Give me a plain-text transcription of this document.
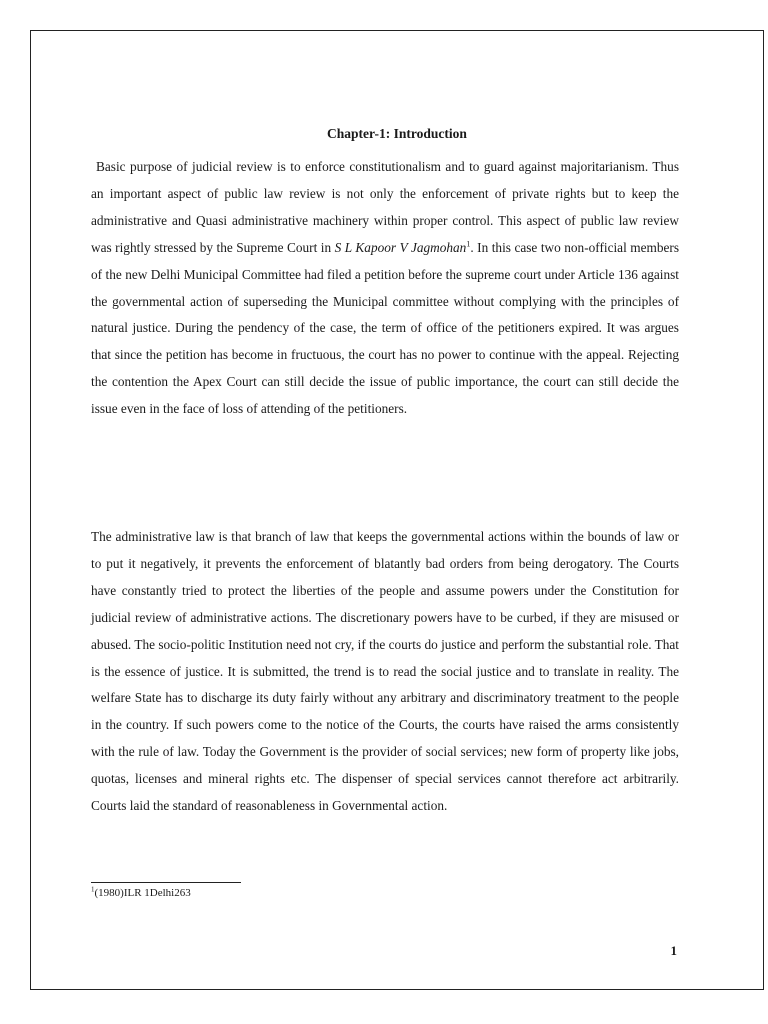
Chapter-1: Introduction

Basic purpose of judicial review is to enforce constitutionalism and to guard against majoritarianism. Thus an important aspect of public law review is not only the enforcement of private rights but to keep the administrative and Quasi administrative machinery within proper control. This aspect of public law review was rightly stressed by the Supreme Court in S L Kapoor V Jagmohan$^1$. In this case two non-official members of the new Delhi Municipal Committee had filed a petition before the supreme court under Article 136 against the governmental action of superseding the Municipal committee without complying with the principles of natural justice. During the pendency of the case, the term of office of the petitioners expired. It was argues that since the petition has become in fructuous, the court has no power to continue with the appeal. Rejecting the contention the Apex Court can still decide the issue of public importance, the court can still decide the issue even in the face of loss of attending of the petitioners.

The administrative law is that branch of law that keeps the governmental actions within the bounds of law or to put it negatively, it prevents the enforcement of blatantly bad orders from being derogatory. The Courts have constantly tried to protect the liberties of the people and assume powers under the Constitution for judicial review of administrative actions. The discretionary powers have to be curbed, if they are misused or abused. The socio-politic Institution need not cry, if the courts do justice and perform the substantial role. That is the essence of justice. It is submitted, the trend is to read the social justice and to translate in reality. The welfare State has to discharge its duty fairly without any arbitrary and discriminatory treatment to the people in the country. If such powers come to the notice of the Courts, the courts have raised the arms consistently with the rule of law. Today the Government is the provider of social services; new form of property like jobs, quotas, licenses and mineral rights etc. The dispenser of special services cannot therefore act arbitrarily. Courts laid the standard of reasonableness in Governmental action.

$^1$(1980)ILR 1Delhi263

1
